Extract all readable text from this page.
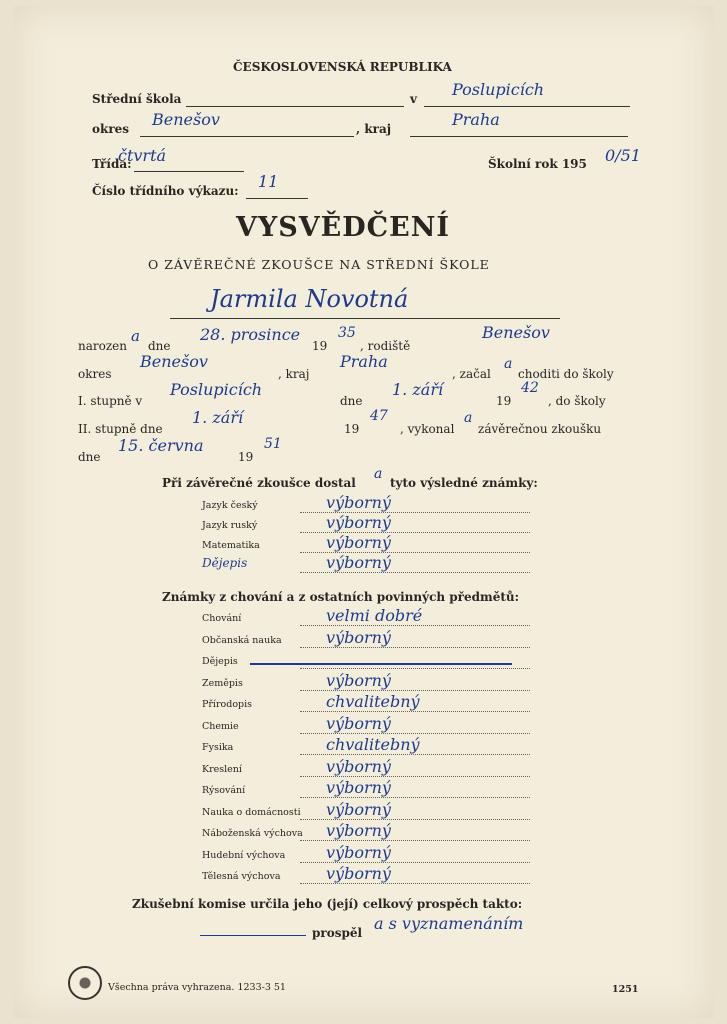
ČESKOSLOVENSKÁ REPUBLIKA
Střední škola	v Poslupicích
okres Benešov	, kraj	Praha
Třída:
čtvrtá	Školní rok 195 0/51
Číslo třídního výkazu: 11
VYSVĚDČENÍ
O ZÁVĚREČNÉ ZKOUŠCE NA STŘEDNÍ ŠKOLE
Jarmila Novotná
narozen
a
dne
28. prosince
19
35
, rodiště
Benešov
okres
Benešov
, kraj
Praha
, začal
a
choditi do školy
I. stupně v
Poslupicích
dne
1. září
19
42
, do školy
II. stupně dne
1. září
19
47
, vykonal
a
závěrečnou zkoušku
dne
15. června
19
51
Při závěrečné zkoušce dostal
a
tyto výsledné známky:
Jazyk český	výborný
Jazyk ruský	výborný
Matematika	výborný
Dějepis	výborný
Známky z chování a z ostatních povinných předmětů:
Chování	velmi dobré
Občanská nauka	výborný
Dějepis
Zeměpis	výborný
Přírodopis	chvalitebný
Chemie	výborný
Fysika	chvalitebný
Kreslení	výborný
Rýsování	výborný
Nauka o domácnosti výborný
Náboženská výchova výborný
Hudební výchova	výborný
Tělesná výchova	výborný
Zkušební komise určila jeho (její) celkový prospěch takto:
prospěl a s vyznamenáním
Všechna práva vyhrazena. 1233-3 51	1251
